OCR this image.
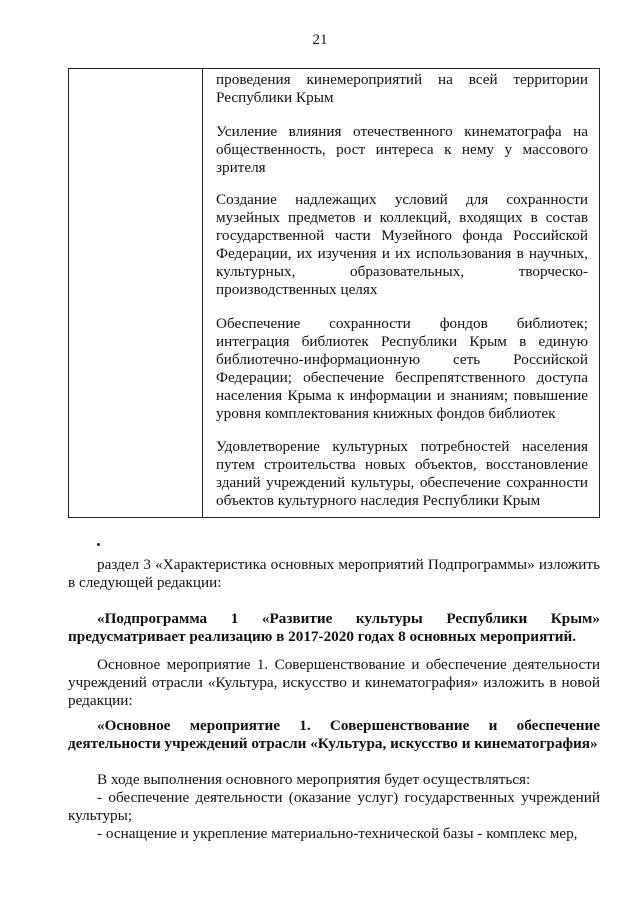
21

проведения кинемероприятий на всей территории Республики Крым

Усиление влияния отечественного кинематографа на общественность, рост интереса к нему у массового зрителя

Создание надлежащих условий для сохранности музейных предметов и коллекций, входящих в состав государственной части Музейного фонда Российской Федерации, их изучения и их использования в научных, культурных, образовательных, творческо-производственных целях

Обеспечение сохранности фондов библиотек; интеграция библиотек Республики Крым в единую библиотечно-информационную сеть Российской Федерации; обеспечение беспрепятственного доступа населения Крыма к информации и знаниям; повышение уровня комплектования книжных фондов библиотек

Удовлетворение культурных потребностей населения путем строительства новых объектов, восстановление зданий учреждений культуры, обеспечение сохранности объектов культурного наследия Республики Крым

раздел 3 «Характеристика основных мероприятий Подпрограммы» изложить в следующей редакции:

«Подпрограмма 1 «Развитие культуры Республики Крым» предусматривает реализацию в 2017-2020 годах 8 основных мероприятий.

Основное мероприятие 1. Совершенствование и обеспечение деятельности учреждений отрасли «Культура, искусство и кинематография» изложить в новой редакции:

«Основное мероприятие 1. Совершенствование и обеспечение деятельности учреждений отрасли «Культура, искусство и кинематография»

В ходе выполнения основного мероприятия будет осуществляться:

- обеспечение деятельности (оказание услуг) государственных учреждений культуры;

- оснащение и укрепление материально-технической базы - комплекс мер,
